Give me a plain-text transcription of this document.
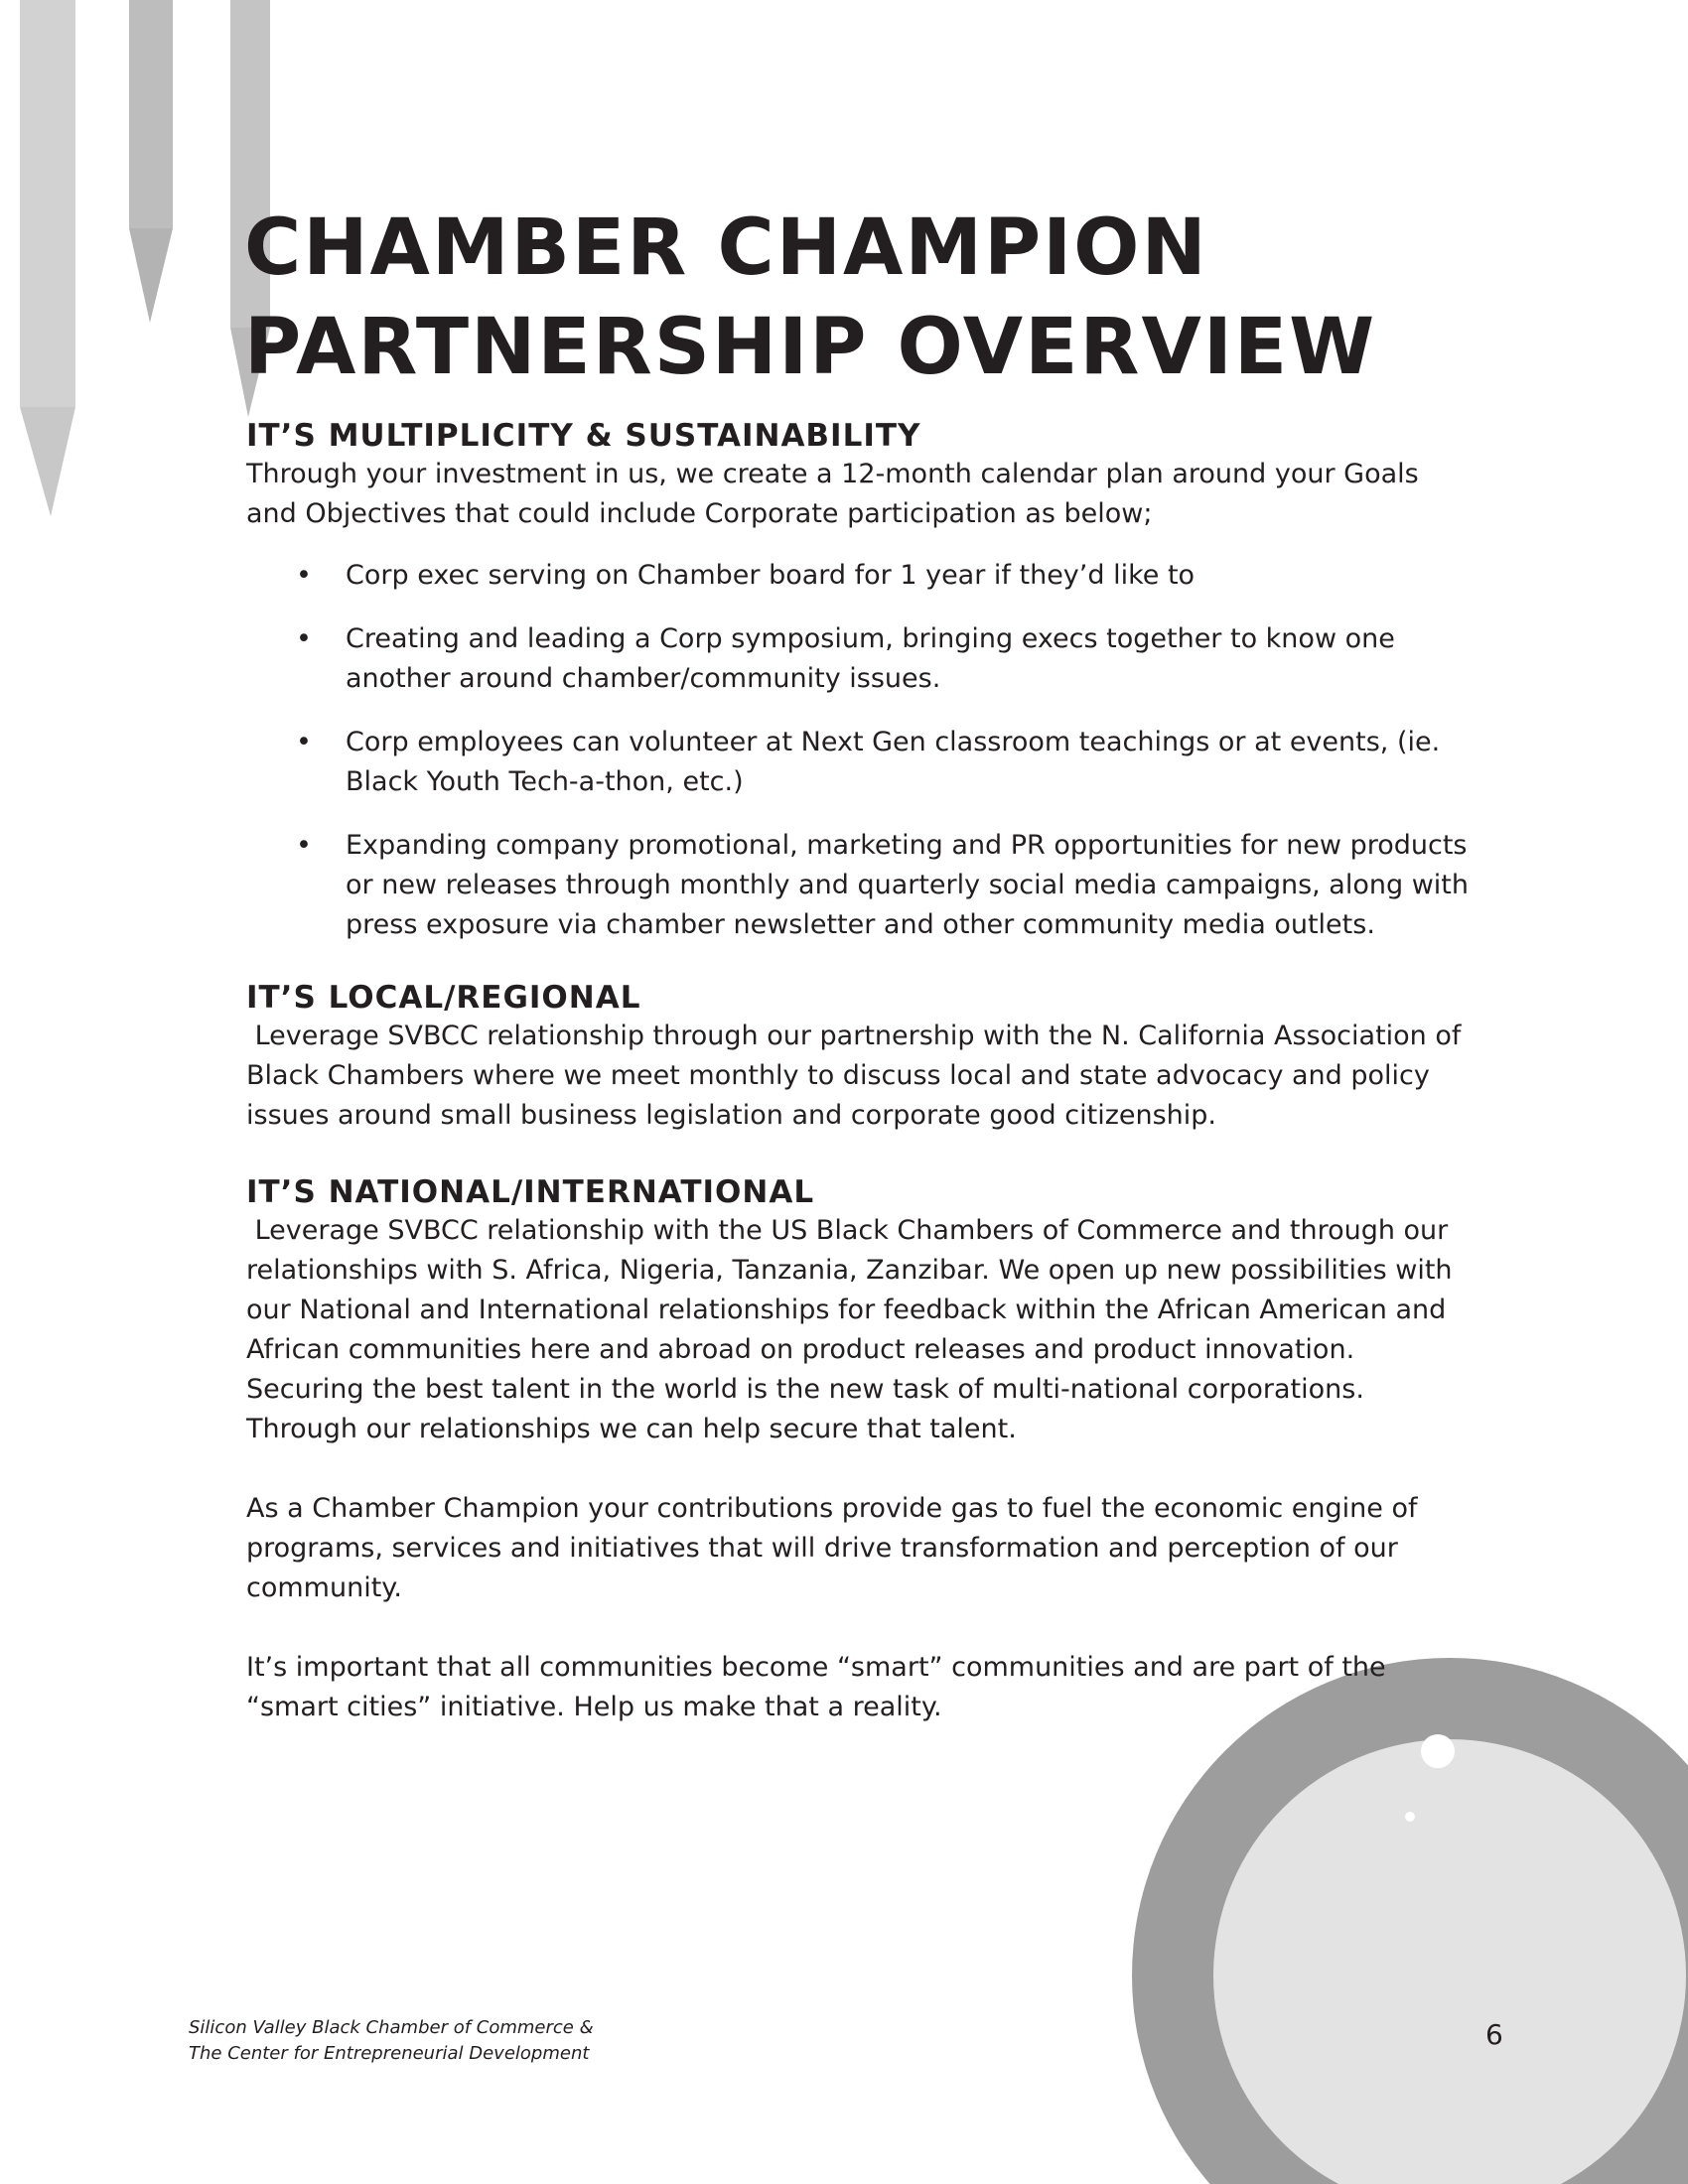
CHAMBER CHAMPION
PARTNERSHIP OVERVIEW
IT’S MULTIPLICITY & SUSTAINABILITY

Through your investment in us, we create a 12-month calendar plan around your Goals and Objectives that could include Corporate participation as below;

• Corp exec serving on Chamber board for 1 year if they’d like to
• Creating and leading a Corp symposium, bringing execs together to know one another around chamber/community issues.
• Corp employees can volunteer at Next Gen classroom teachings or at events, (ie. Black Youth Tech-a-thon, etc.)
• Expanding company promotional, marketing and PR opportunities for new products or new releases through monthly and quarterly social media campaigns, along with press exposure via chamber newsletter and other community media outlets.
IT’S LOCAL/REGIONAL

Leverage SVBCC relationship through our partnership with the N. California Association of Black Chambers where we meet monthly to discuss local and state advocacy and policy issues around small business legislation and corporate good citizenship.

IT’S NATIONAL/INTERNATIONAL

Leverage SVBCC relationship with the US Black Chambers of Commerce and through our relationships with S. Africa, Nigeria, Tanzania, Zanzibar. We open up new possibilities with our National and International relationships for feedback within the African American and African communities here and abroad on product releases and product innovation. Securing the best talent in the world is the new task of multi-national corporations.

Through our relationships we can help secure that talent.

As a Chamber Champion your contributions provide gas to fuel the economic engine of programs, services and initiatives that will drive transformation and perception of our community.

It’s important that all communities become “smart” communities and are part of the “smart cities” initiative. Help us make that a reality.

Silicon Valley Black Chamber of Commerce &
The Center for Entrepreneurial Development
6
